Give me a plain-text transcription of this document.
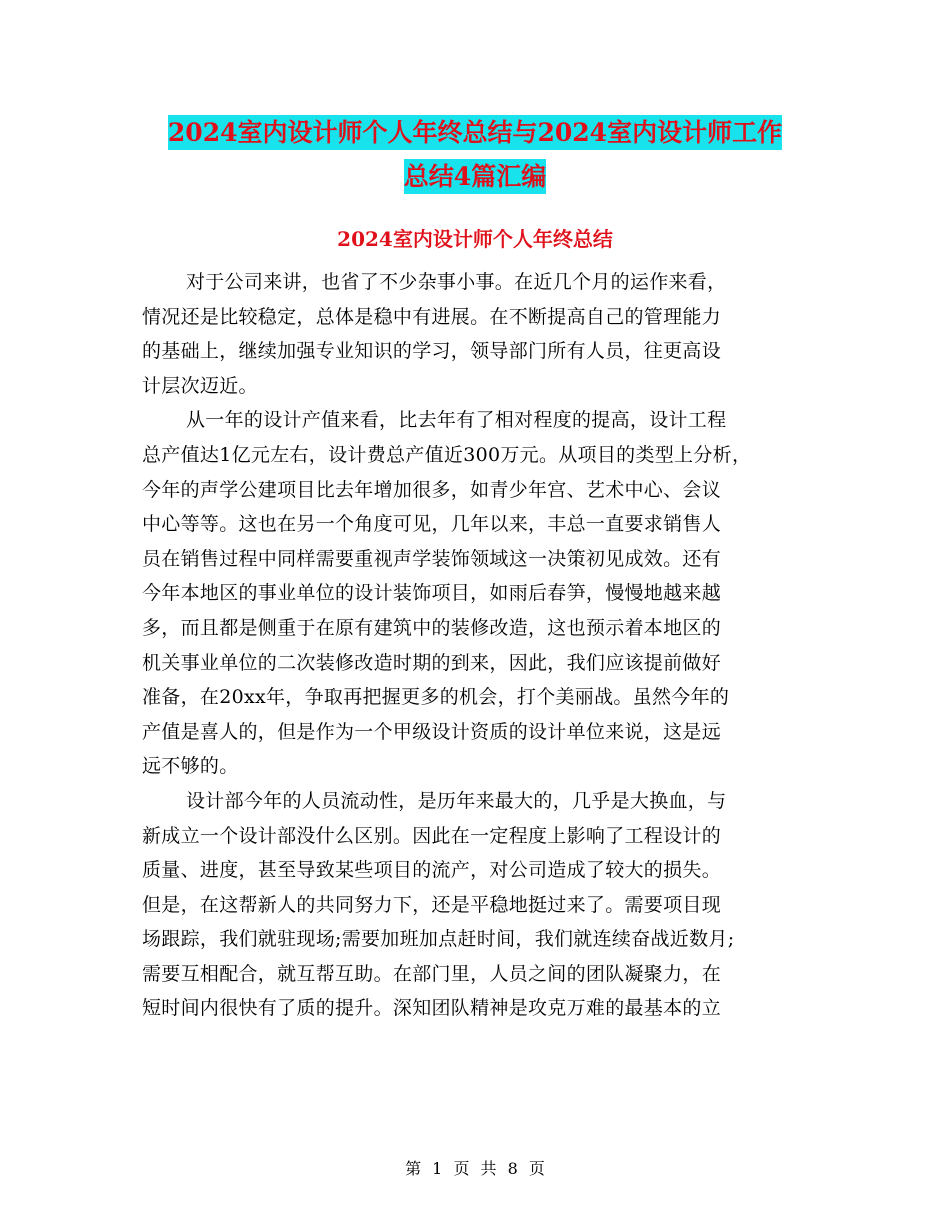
2024室内设计师个人年终总结与2024室内设计师工作
总结4篇汇编
2024室内设计师个人年终总结
对于公司来讲，也省了不少杂事小事。在近几个月的运作来看，
情况还是比较稳定，总体是稳中有进展。在不断提高自己的管理能力
的基础上，继续加强专业知识的学习，领导部门所有人员，往更高设
计层次迈近。
从一年的设计产值来看，比去年有了相对程度的提高，设计工程
总产值达1亿元左右，设计费总产值近300万元。从项目的类型上分析，
今年的声学公建项目比去年增加很多，如青少年宫、艺术中心、会议
中心等等。这也在另一个角度可见，几年以来，丰总一直要求销售人
员在销售过程中同样需要重视声学装饰领域这一决策初见成效。还有
今年本地区的事业单位的设计装饰项目，如雨后春笋，慢慢地越来越
多，而且都是侧重于在原有建筑中的装修改造，这也预示着本地区的
机关事业单位的二次装修改造时期的到来，因此，我们应该提前做好
准备，在20xx年，争取再把握更多的机会，打个美丽战。虽然今年的
产值是喜人的，但是作为一个甲级设计资质的设计单位来说，这是远
远不够的。
设计部今年的人员流动性，是历年来最大的，几乎是大换血，与
新成立一个设计部没什么区别。因此在一定程度上影响了工程设计的
质量、进度，甚至导致某些项目的流产，对公司造成了较大的损失。
但是，在这帮新人的共同努力下，还是平稳地挺过来了。需要项目现
场跟踪，我们就驻现场;需要加班加点赶时间，我们就连续奋战近数月;
需要互相配合，就互帮互助。在部门里，人员之间的团队凝聚力，在
短时间内很快有了质的提升。深知团队精神是攻克万难的最基本的立
第 1 页 共 8 页
